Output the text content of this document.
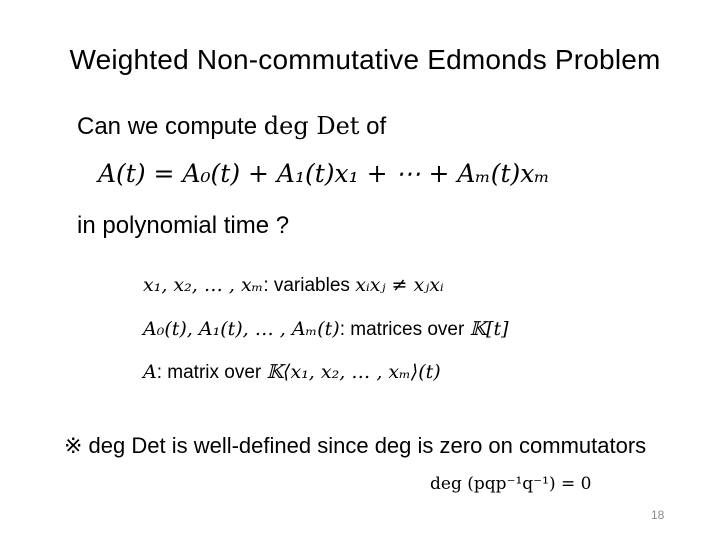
Weighted Non-commutative Edmonds Problem
Can we compute deg Det of
A(t) = A₀(t) + A₁(t)x₁ + ⋯ + Aₘ(t)xₘ
in polynomial time ?
x₁, x₂, … , xₘ: variables xᵢxⱼ ≠ xⱼxᵢ
A₀(t), A₁(t), … , Aₘ(t): matrices over 𝕂[t]
A: matrix over 𝕂⟨x₁, x₂, … , xₘ⟩(t)
※ deg Det is well-defined since deg is zero on commutators
deg (pqp⁻¹q⁻¹) = 0
18
